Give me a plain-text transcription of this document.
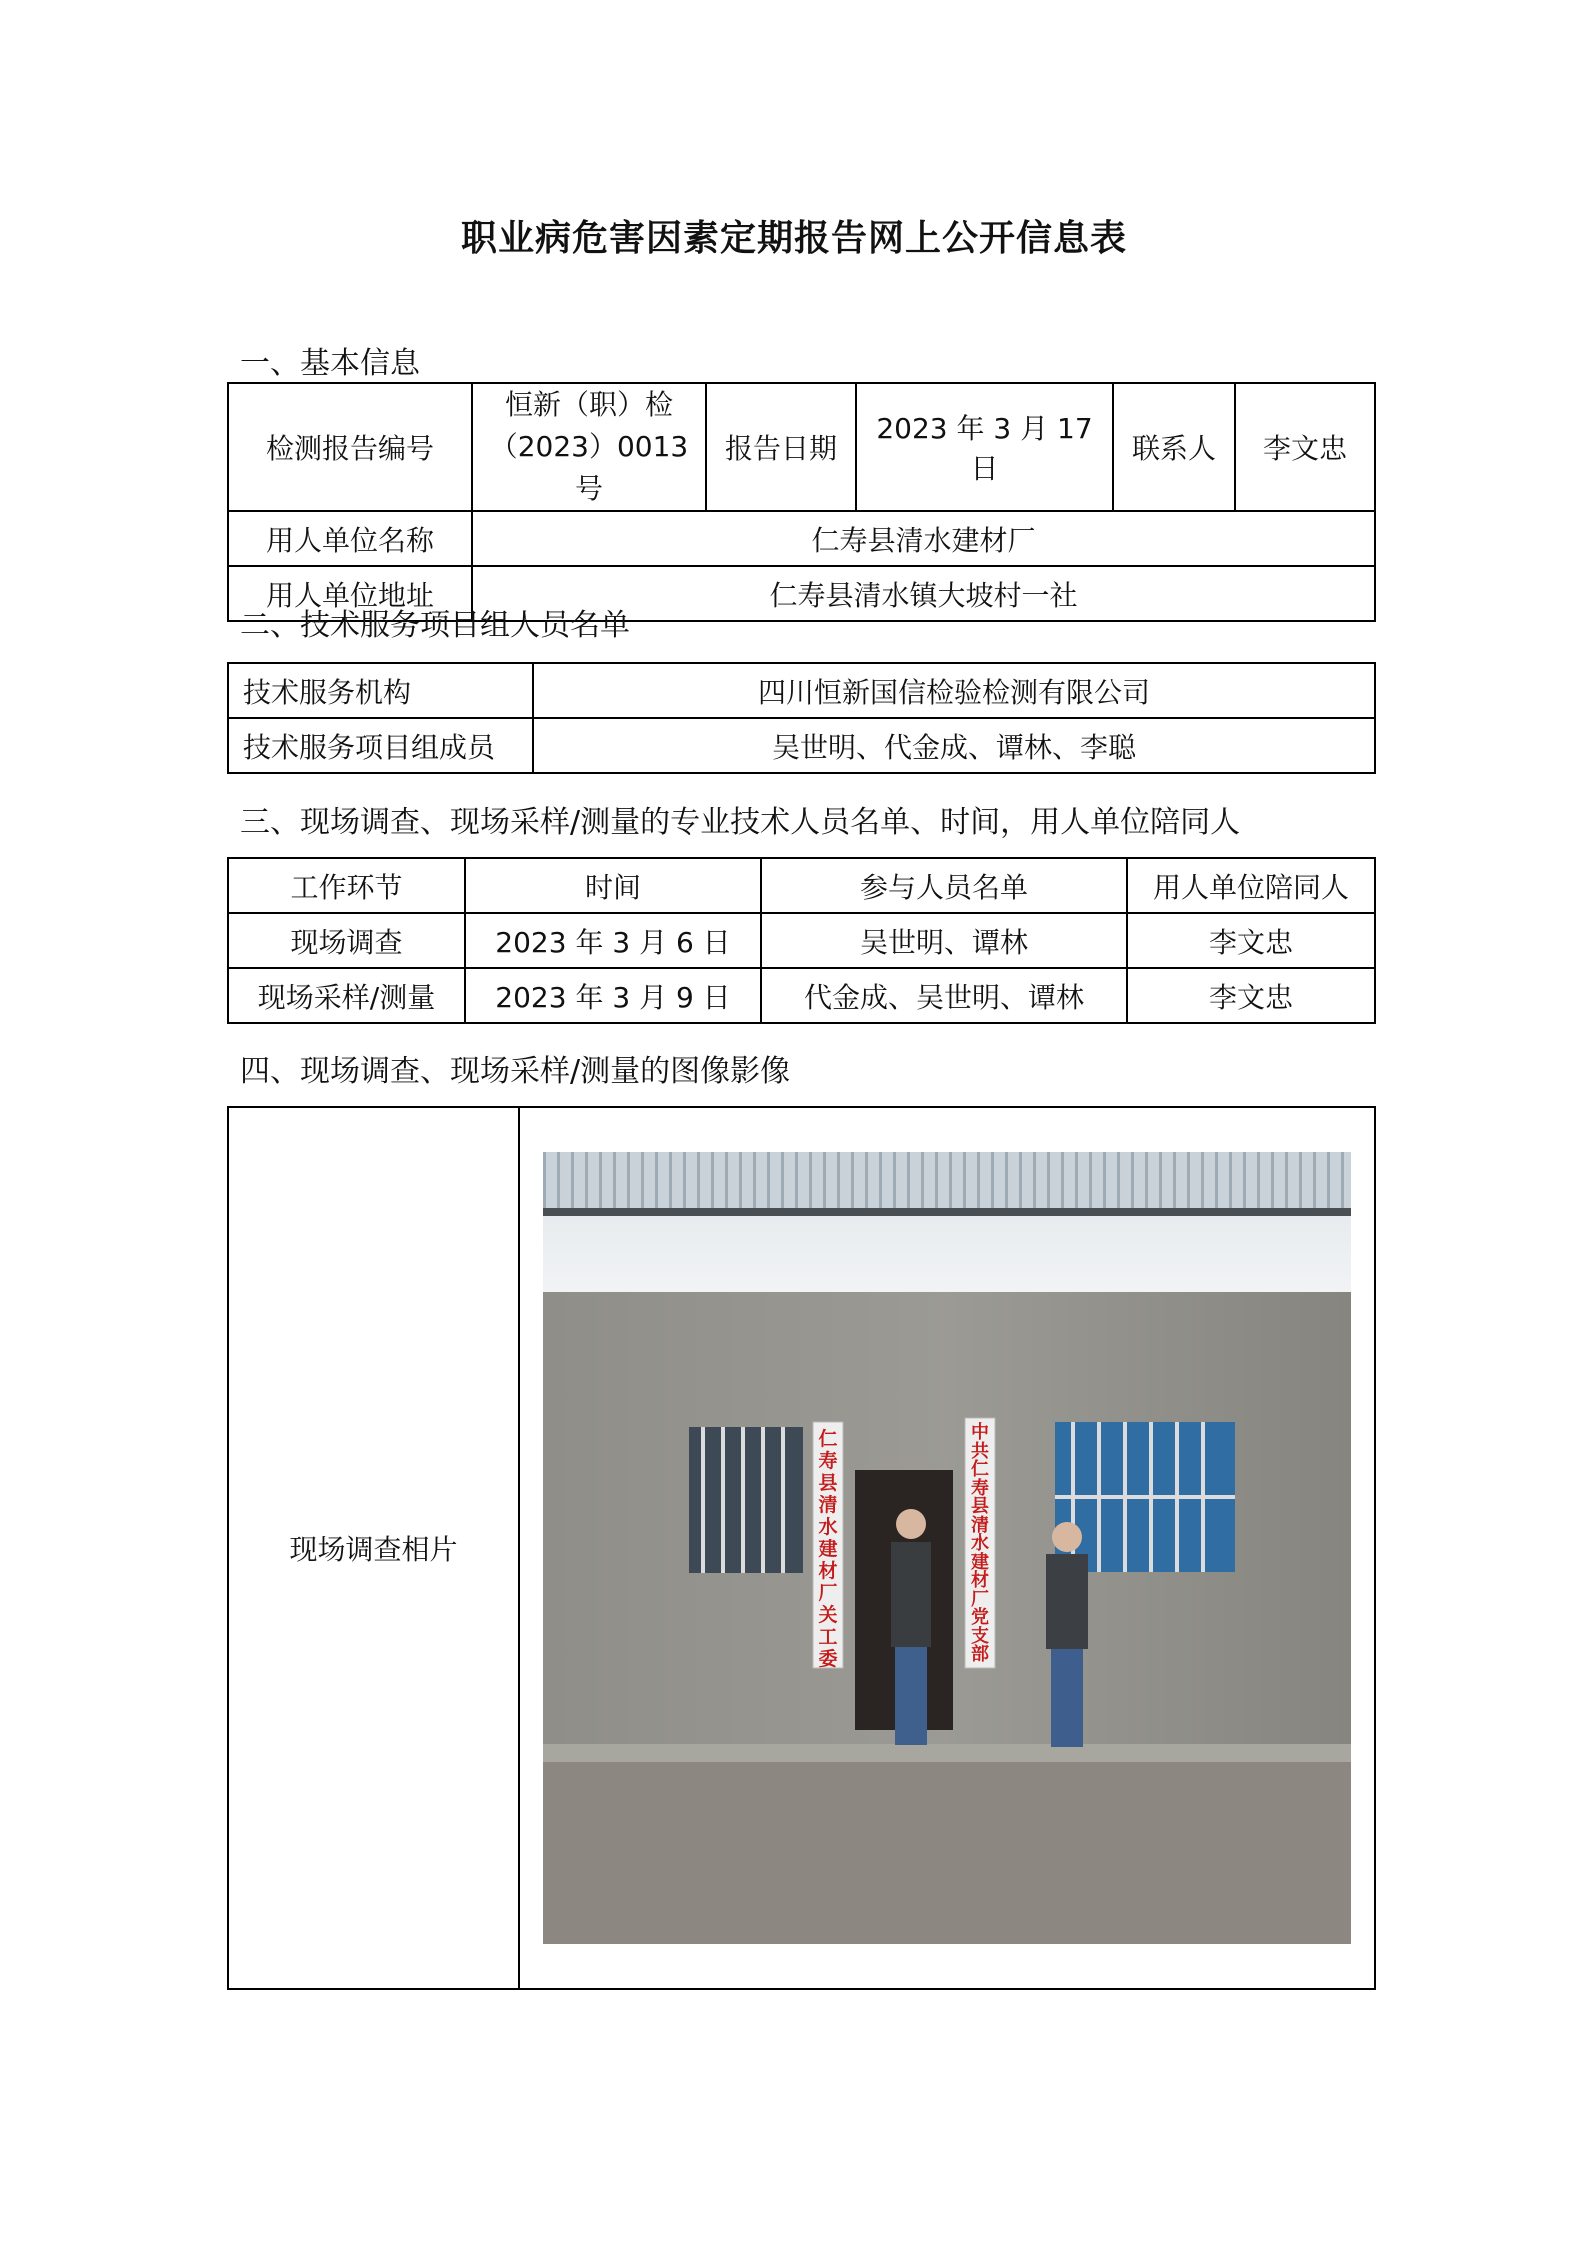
职业病危害因素定期报告网上公开信息表
一、基本信息
检测报告编号	恒新（职）检（2023）0013 号	报告日期	2023 年 3 月 17 日	联系人	李文忠
用人单位名称	仁寿县清水建材厂				
用人单位地址	仁寿县清水镇大坡村一社				
二、技术服务项目组人员名单
技术服务机构	四川恒新国信检验检测有限公司
技术服务项目组成员	吴世明、代金成、谭林、李聪
三、现场调查、现场采样/测量的专业技术人员名单、时间，用人单位陪同人
工作环节	时间	参与人员名单	用人单位陪同人
现场调查	2023 年 3 月 6 日	吴世明、谭林	李文忠
现场采样/测量	2023 年 3 月 9 日	代金成、吴世明、谭林	李文忠
四、现场调查、现场采样/测量的图像影像
现场调查相片	
仁寿县清水建材厂关工委
中共仁寿县清水建材厂党支部
